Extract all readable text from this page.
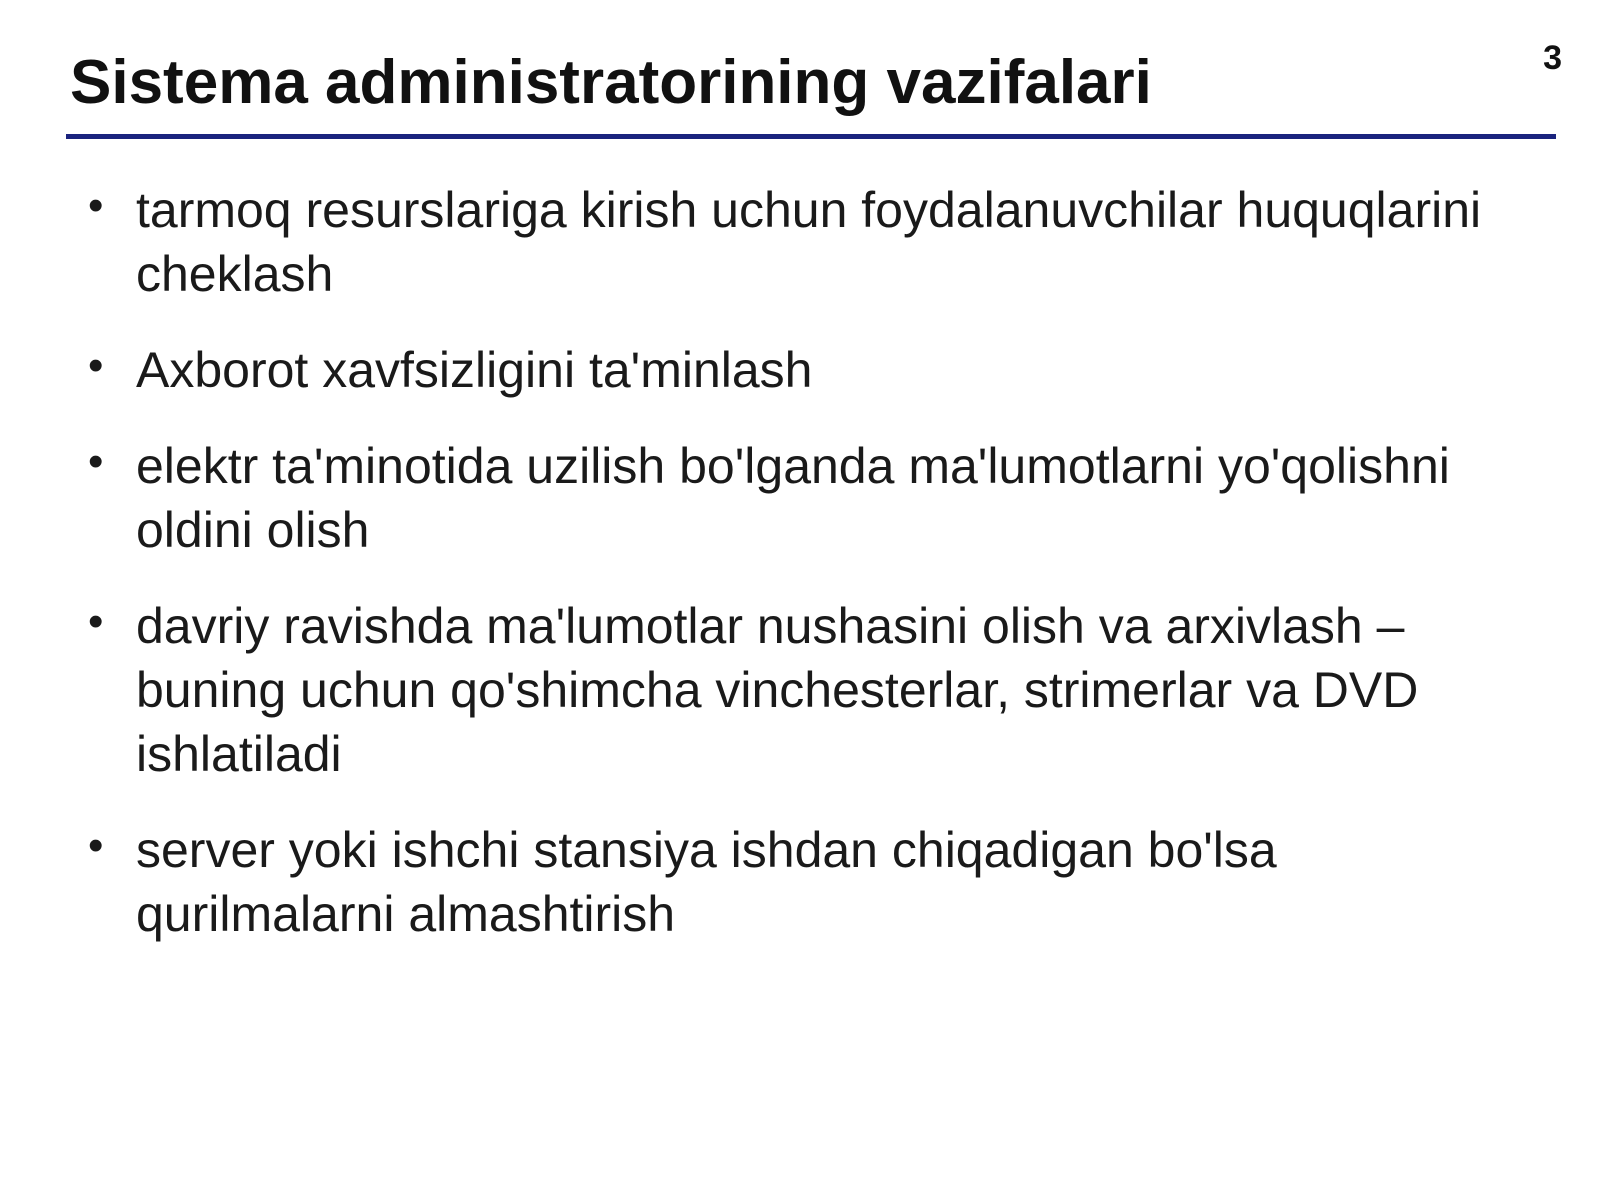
3
Sistema administratorining vazifalari
• tarmoq resurslariga kirish uchun foydalanuvchilar huquqlarini cheklash
• Axborot xavfsizligini ta'minlash
• elektr ta'minotida uzilish bo'lganda ma'lumotlarni yo'qolishni oldini olish
• davriy ravishda ma'lumotlar nushasini olish va arxivlash – buning uchun qo'shimcha vinchesterlar, strimerlar va DVD ishlatiladi
• server yoki ishchi stansiya ishdan chiqadigan bo'lsa qurilmalarni almashtirish
